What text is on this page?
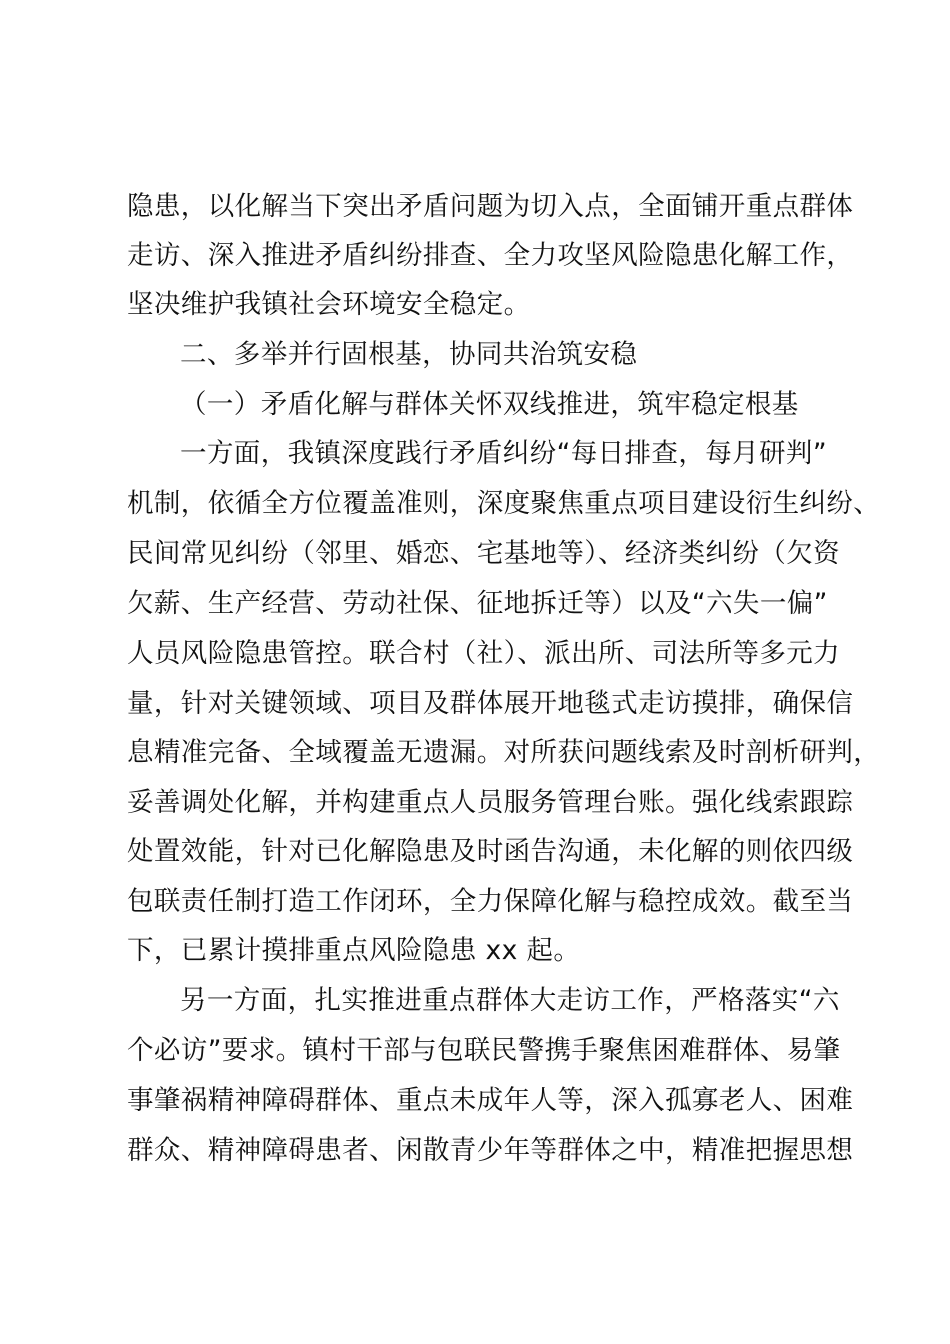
隐患，以化解当下突出矛盾问题为切入点，全面铺开重点群体
走访、深入推进矛盾纠纷排查、全力攻坚风险隐患化解工作，
坚决维护我镇社会环境安全稳定。
二、多举并行固根基，协同共治筑安稳
（一）矛盾化解与群体关怀双线推进，筑牢稳定根基
一方面，我镇深度践行矛盾纠纷“每日排查，每月研判”
机制，依循全方位覆盖准则，深度聚焦重点项目建设衍生纠纷、
民间常见纠纷（邻里、婚恋、宅基地等）、经济类纠纷（欠资
欠薪、生产经营、劳动社保、征地拆迁等）以及“六失一偏”
人员风险隐患管控。联合村（社）、派出所、司法所等多元力
量，针对关键领域、项目及群体展开地毯式走访摸排，确保信
息精准完备、全域覆盖无遗漏。对所获问题线索及时剖析研判，
妥善调处化解，并构建重点人员服务管理台账。强化线索跟踪
处置效能，针对已化解隐患及时函告沟通，未化解的则依四级
包联责任制打造工作闭环，全力保障化解与稳控成效。截至当
下，已累计摸排重点风险隐患 xx 起。
另一方面，扎实推进重点群体大走访工作，严格落实“六
个必访”要求。镇村干部与包联民警携手聚焦困难群体、易肇
事肇祸精神障碍群体、重点未成年人等，深入孤寡老人、困难
群众、精神障碍患者、闲散青少年等群体之中，精准把握思想
